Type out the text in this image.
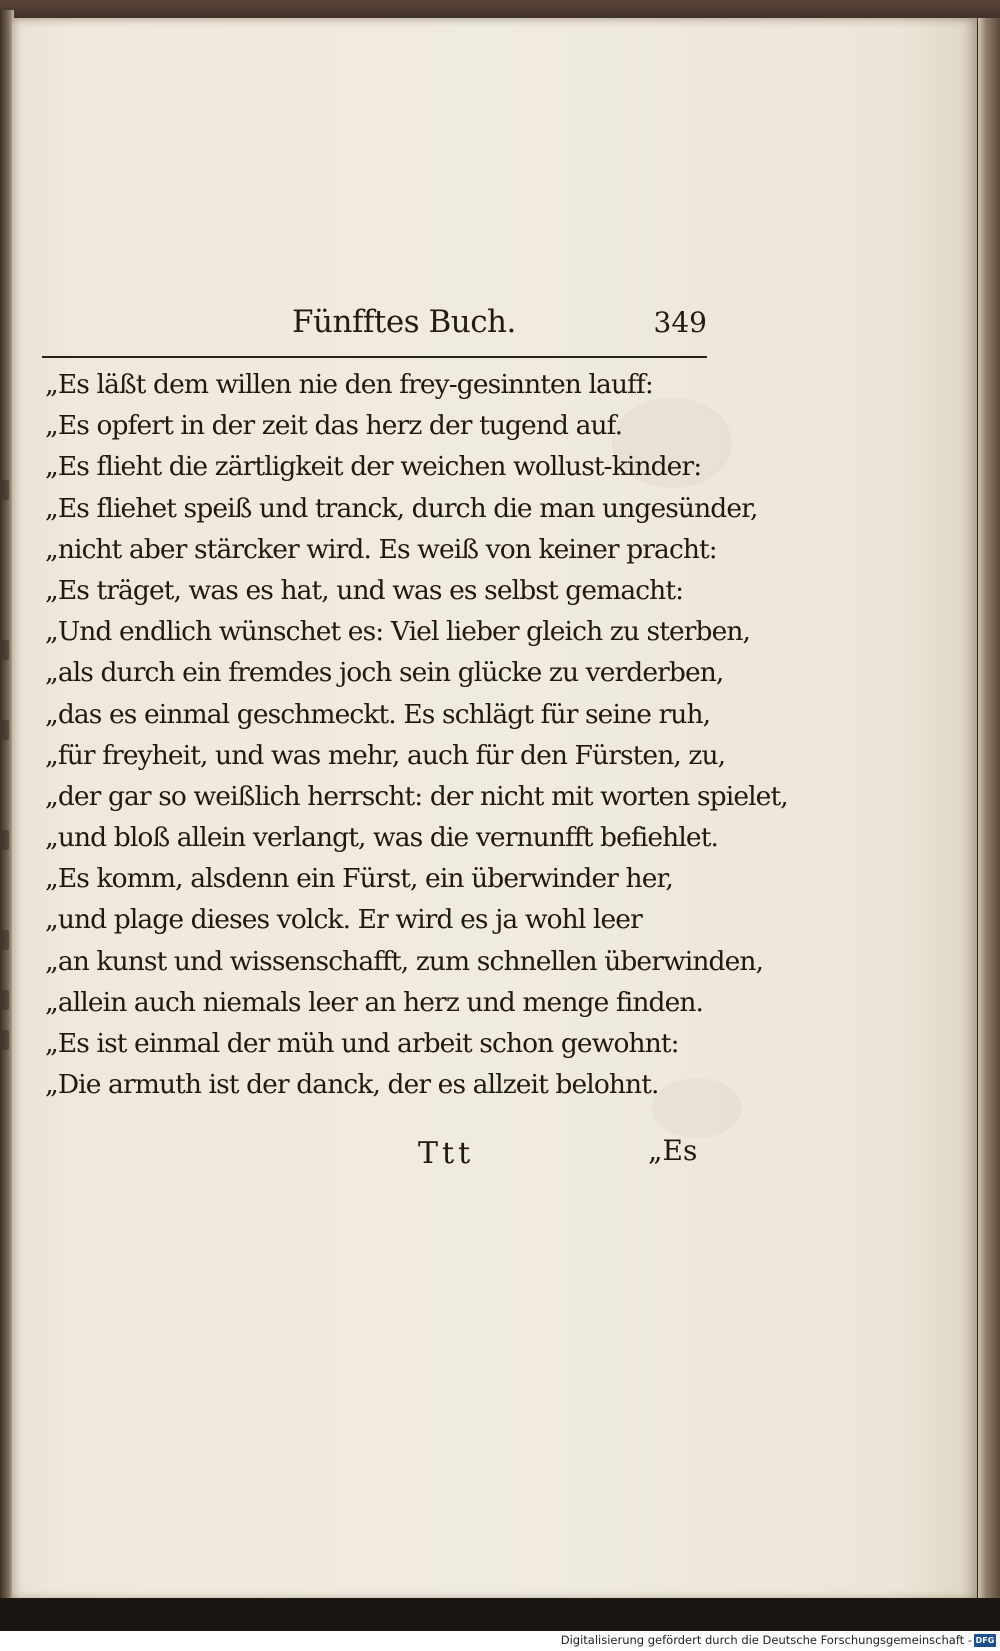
Fünfftes Buch.	349
„Es läßt dem willen nie den frey-gesinnten lauff:
„Es opfert in der zeit das herz der tugend auf.
„Es flieht die zärtligkeit der weichen wollust-kinder:
„Es fliehet speiß und tranck, durch die man ungesünder,
„nicht aber stärcker wird. Es weiß von keiner pracht:
„Es träget, was es hat, und was es selbst gemacht:
„Und endlich wünschet es: Viel lieber gleich zu sterben,
„als durch ein fremdes joch sein glücke zu verderben,
„das es einmal geschmeckt. Es schlägt für seine ruh,
„für freyheit, und was mehr, auch für den Fürsten, zu,
„der gar so weißlich herrscht: der nicht mit worten spielet,
„und bloß allein verlangt, was die vernunfft befiehlet.
„Es komm, alsdenn ein Fürst, ein überwinder her,
„und plage dieses volck. Er wird es ja wohl leer
„an kunst und wissenschafft, zum schnellen überwinden,
„allein auch niemals leer an herz und menge finden.
„Es ist einmal der müh und arbeit schon gewohnt:
„Die armuth ist der danck, der es allzeit belohnt.
Ttt	„Es
Digitalisierung gefördert durch die Deutsche Forschungsgemeinschaft - DFG
